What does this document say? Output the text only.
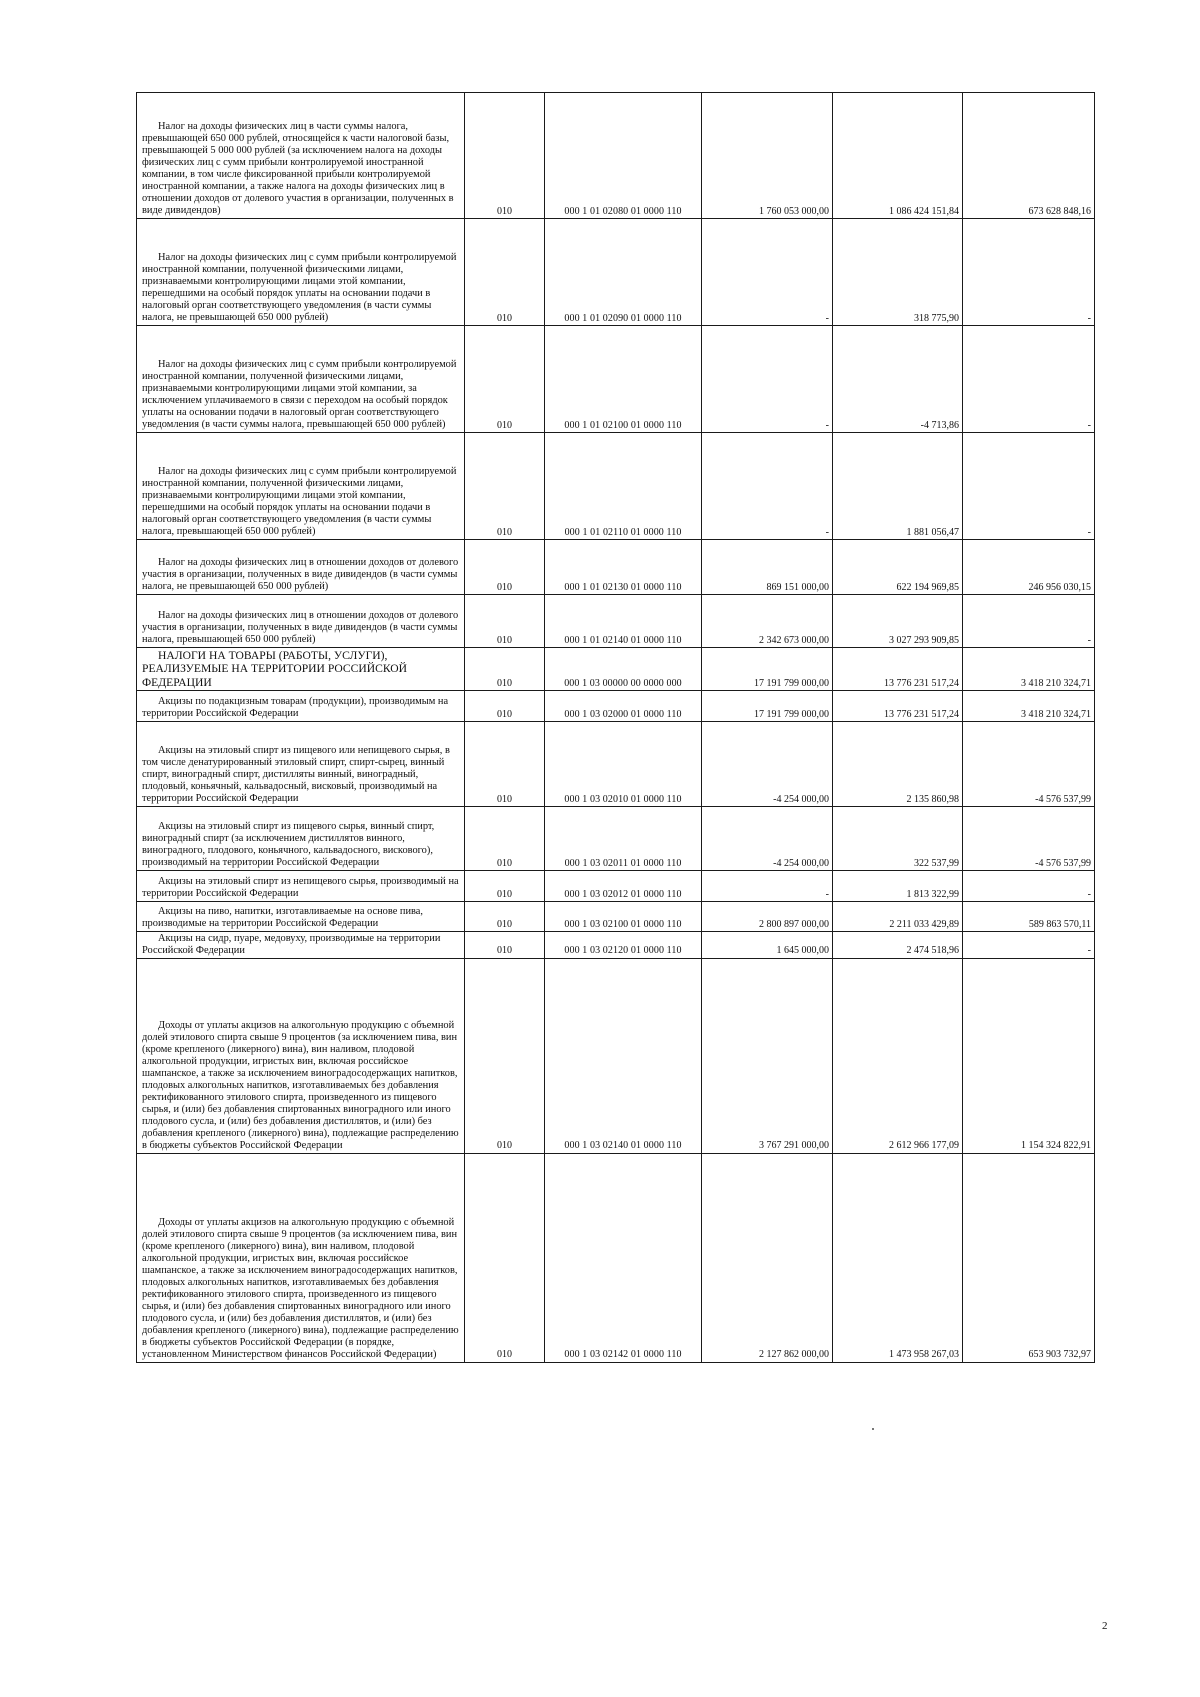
Налог на доходы физических лиц в части суммы налога, превышающей 650 000 рублей, относящейся к части налоговой базы, превышающей 5 000 000 рублей (за исключением налога на доходы физических лиц с сумм прибыли контролируемой иностранной компании, в том числе фиксированной прибыли контролируемой иностранной компании, а также налога на доходы физических лиц в отношении доходов от долевого участия в организации, полученных в виде дивидендов)	010	000 1 01 02080 01 0000 110	1 760 053 000,00	1 086 424 151,84	673 628 848,16

Налог на доходы физических лиц с сумм прибыли контролируемой иностранной компании, полученной физическими лицами, признаваемыми контролирующими лицами этой компании, перешедшими на особый порядок уплаты на основании подачи в налоговый орган соответствующего уведомления (в части суммы налога, не превышающей 650 000 рублей)	010	000 1 01 02090 01 0000 110	-	318 775,90	-

Налог на доходы физических лиц с сумм прибыли контролируемой иностранной компании, полученной физическими лицами, признаваемыми контролирующими лицами этой компании, за исключением уплачиваемого в связи с переходом на особый порядок уплаты на основании подачи в налоговый орган соответствующего уведомления (в части суммы налога, превышающей 650 000 рублей)	010	000 1 01 02100 01 0000 110	-	-4 713,86	-

Налог на доходы физических лиц с сумм прибыли контролируемой иностранной компании, полученной физическими лицами, признаваемыми контролирующими лицами этой компании, перешедшими на особый порядок уплаты на основании подачи в налоговый орган соответствующего уведомления (в части суммы налога, превышающей 650 000 рублей)	010	000 1 01 02110 01 0000 110	-	1 881 056,47	-

Налог на доходы физических лиц в отношении доходов от долевого участия в организации, полученных в виде дивидендов (в части суммы налога, не превышающей 650 000 рублей)	010	000 1 01 02130 01 0000 110	869 151 000,00	622 194 969,85	246 956 030,15

Налог на доходы физических лиц в отношении доходов от долевого участия в организации, полученных в виде дивидендов (в части суммы налога, превышающей 650 000 рублей)	010	000 1 01 02140 01 0000 110	2 342 673 000,00	3 027 293 909,85	-

НАЛОГИ НА ТОВАРЫ (РАБОТЫ, УСЛУГИ), РЕАЛИЗУЕМЫЕ НА ТЕРРИТОРИИ РОССИЙСКОЙ ФЕДЕРАЦИИ	010	000 1 03 00000 00 0000 000	17 191 799 000,00	13 776 231 517,24	3 418 210 324,71

Акцизы по подакцизным товарам (продукции), производимым на территории Российской Федерации	010	000 1 03 02000 01 0000 110	17 191 799 000,00	13 776 231 517,24	3 418 210 324,71

Акцизы на этиловый спирт из пищевого или непищевого сырья, в том числе денатурированный этиловый спирт, спирт-сырец, винный спирт, виноградный спирт, дистилляты винный, виноградный, плодовый, коньячный, кальвадосный, висковый, производимый на территории Российской Федерации	010	000 1 03 02010 01 0000 110	-4 254 000,00	2 135 860,98	-4 576 537,99

Акцизы на этиловый спирт из пищевого сырья, винный спирт, виноградный спирт (за исключением дистиллятов винного, виноградного, плодового, коньячного, кальвадосного, вискового), производимый на территории Российской Федерации	010	000 1 03 02011 01 0000 110	-4 254 000,00	322 537,99	-4 576 537,99

Акцизы на этиловый спирт из непищевого сырья, производимый на территории Российской Федерации	010	000 1 03 02012 01 0000 110	-	1 813 322,99	-

Акцизы на пиво, напитки, изготавливаемые на основе пива, производимые на территории Российской Федерации	010	000 1 03 02100 01 0000 110	2 800 897 000,00	2 211 033 429,89	589 863 570,11

Акцизы на сидр, пуаре, медовуху, производимые на территории Российской Федерации	010	000 1 03 02120 01 0000 110	1 645 000,00	2 474 518,96	-

Доходы от уплаты акцизов на алкогольную продукцию с объемной долей этилового спирта свыше 9 процентов (за исключением пива, вин (кроме крепленого (ликерного) вина), вин наливом, плодовой алкогольной продукции, игристых вин, включая российское шампанское, а также за исключением виноградосодержащих напитков, плодовых алкогольных напитков, изготавливаемых без добавления ректификованного этилового спирта, произведенного из пищевого сырья, и (или) без добавления спиртованных виноградного или иного плодового сусла, и (или) без добавления дистиллятов, и (или) без добавления крепленого (ликерного) вина), подлежащие распределению в бюджеты субъектов Российской Федерации	010	000 1 03 02140 01 0000 110	3 767 291 000,00	2 612 966 177,09	1 154 324 822,91

Доходы от уплаты акцизов на алкогольную продукцию с объемной долей этилового спирта свыше 9 процентов (за исключением пива, вин (кроме крепленого (ликерного) вина), вин наливом, плодовой алкогольной продукции, игристых вин, включая российское шампанское, а также за исключением виноградосодержащих напитков, плодовых алкогольных напитков, изготавливаемых без добавления ректификованного этилового спирта, произведенного из пищевого сырья, и (или) без добавления спиртованных виноградного или иного плодового сусла, и (или) без добавления дистиллятов, и (или) без добавления крепленого (ликерного) вина), подлежащие распределению в бюджеты субъектов Российской Федерации (в порядке, установленном Министерством финансов Российской Федерации)	010	000 1 03 02142 01 0000 110	2 127 862 000,00	1 473 958 267,03	653 903 732,97
2
